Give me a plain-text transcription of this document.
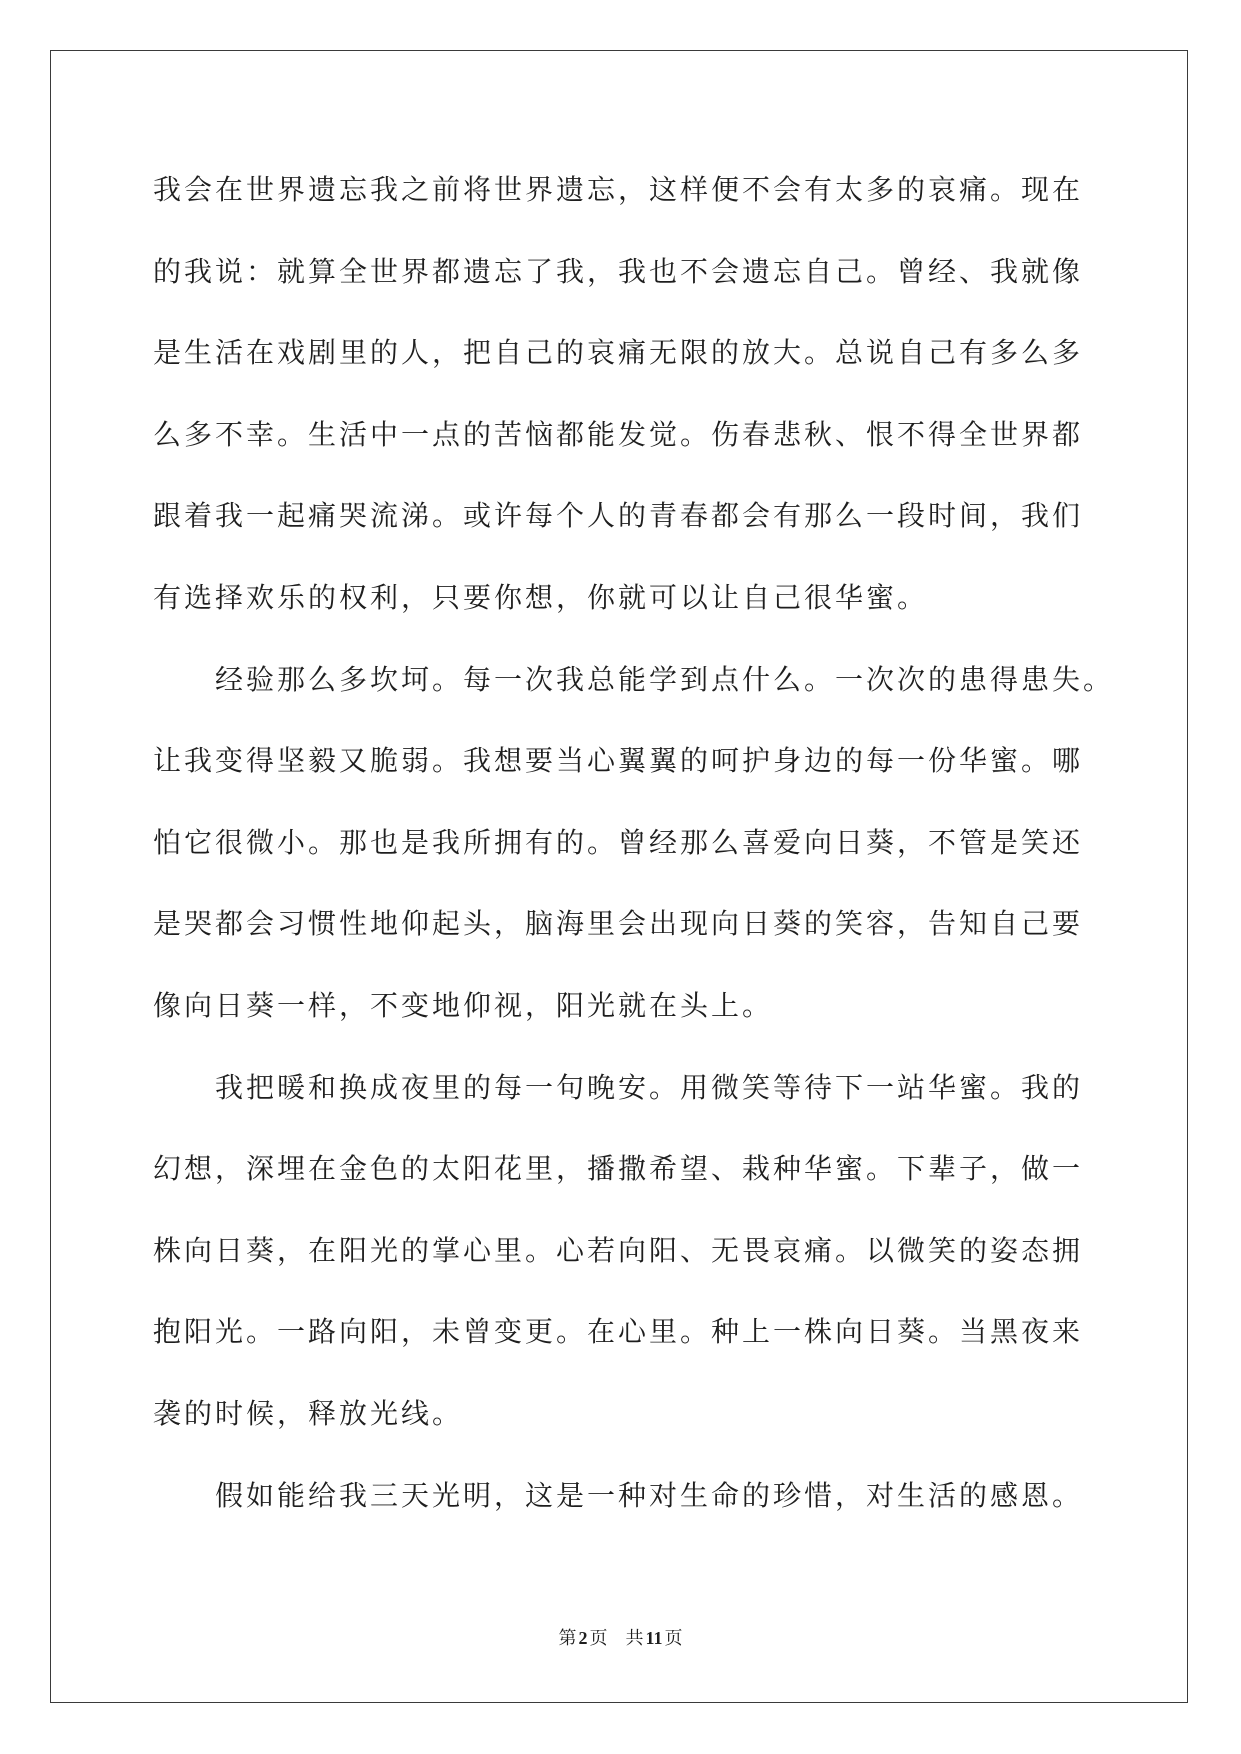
我会在世界遗忘我之前将世界遗忘，这样便不会有太多的哀痛。现在
的我说：就算全世界都遗忘了我，我也不会遗忘自己。曾经、我就像
是生活在戏剧里的人，把自己的哀痛无限的放大。总说自己有多么多
么多不幸。生活中一点的苦恼都能发觉。伤春悲秋、恨不得全世界都
跟着我一起痛哭流涕。或许每个人的青春都会有那么一段时间，我们
有选择欢乐的权利，只要你想，你就可以让自己很华蜜。
经验那么多坎坷。每一次我总能学到点什么。一次次的患得患失。
让我变得坚毅又脆弱。我想要当心翼翼的呵护身边的每一份华蜜。哪
怕它很微小。那也是我所拥有的。曾经那么喜爱向日葵，不管是笑还
是哭都会习惯性地仰起头，脑海里会出现向日葵的笑容，告知自己要
像向日葵一样，不变地仰视，阳光就在头上。
我把暖和换成夜里的每一句晚安。用微笑等待下一站华蜜。我的
幻想，深埋在金色的太阳花里，播撒希望、栽种华蜜。下辈子，做一
株向日葵，在阳光的掌心里。心若向阳、无畏哀痛。以微笑的姿态拥
抱阳光。一路向阳，未曾变更。在心里。种上一株向日葵。当黑夜来
袭的时候，释放光线。
假如能给我三天光明，这是一种对生命的珍惜，对生活的感恩。
第 2 页 共 11 页
